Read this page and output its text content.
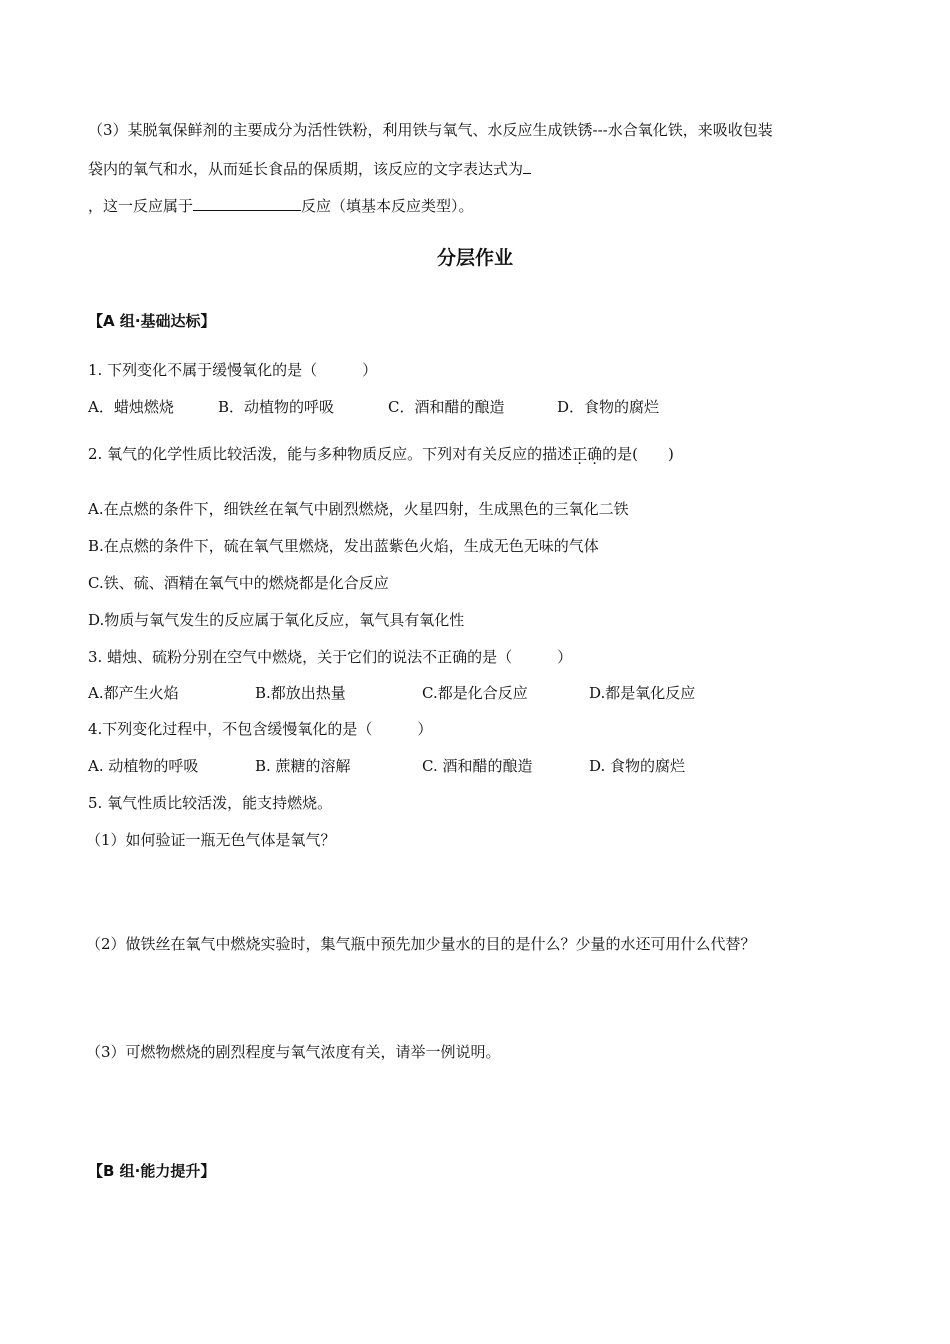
（3）某脱氧保鲜剂的主要成分为活性铁粉，利用铁与氧气、水反应生成铁锈---水合氧化铁，来吸收包装
袋内的氧气和水，从而延长食品的保质期，该反应的文字表达式为
，这一反应属于	反应（填基本反应类型）。
分层作业
【A 组·基础达标】
1. 下列变化不属于缓慢氧化的是（　　　）
A．蜡烛燃烧	B．动植物的呼吸	C．酒和醋的酿造	D．食物的腐烂
2. 氧气的化学性质比较活泼，能与多种物质反应。下列对有关反应的描述正确的是(　　)
A.在点燃的条件下，细铁丝在氧气中剧烈燃烧，火星四射，生成黑色的三氧化二铁
B.在点燃的条件下，硫在氧气里燃烧，发出蓝紫色火焰，生成无色无味的气体
C.铁、硫、酒精在氧气中的燃烧都是化合反应
D.物质与氧气发生的反应属于氧化反应，氧气具有氧化性
3. 蜡烛、硫粉分别在空气中燃烧，关于它们的说法不正确的是（　　　）
A.都产生火焰	B.都放出热量	C.都是化合反应	D.都是氧化反应
4.下列变化过程中，不包含缓慢氧化的是（　　　）
A. 动植物的呼吸	B. 蔗糖的溶解	C. 酒和醋的酿造	D. 食物的腐烂
5. 氧气性质比较活泼，能支持燃烧。
（1）如何验证一瓶无色气体是氧气？
（2）做铁丝在氧气中燃烧实验时，集气瓶中预先加少量水的目的是什么？少量的水还可用什么代替？
（3）可燃物燃烧的剧烈程度与氧气浓度有关，请举一例说明。
【B 组·能力提升】
